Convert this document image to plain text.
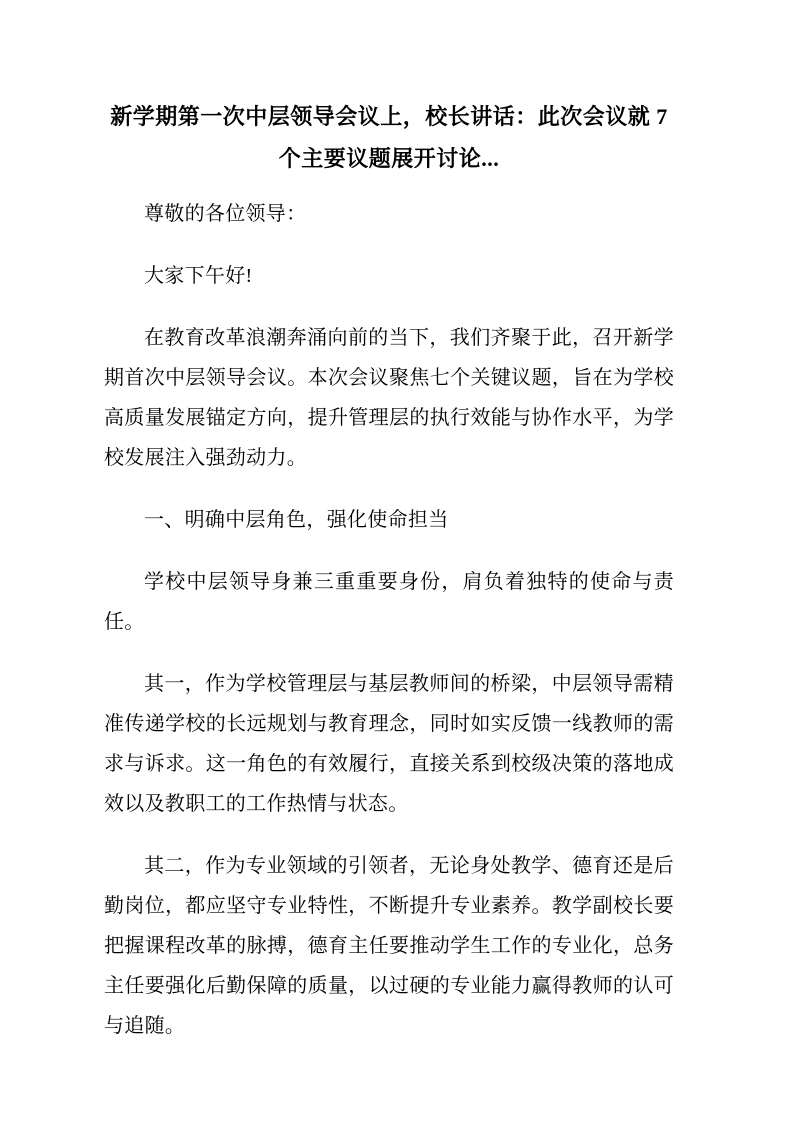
新学期第一次中层领导会议上，校长讲话：此次会议就 7 个主要议题展开讨论...

尊敬的各位领导：

大家下午好!

在教育改革浪潮奔涌向前的当下，我们齐聚于此，召开新学期首次中层领导会议。本次会议聚焦七个关键议题，旨在为学校高质量发展锚定方向，提升管理层的执行效能与协作水平，为学校发展注入强劲动力。

一、明确中层角色，强化使命担当

学校中层领导身兼三重重要身份，肩负着独特的使命与责任。

其一，作为学校管理层与基层教师间的桥梁，中层领导需精准传递学校的长远规划与教育理念，同时如实反馈一线教师的需求与诉求。这一角色的有效履行，直接关系到校级决策的落地成效以及教职工的工作热情与状态。

其二，作为专业领域的引领者，无论身处教学、德育还是后勤岗位，都应坚守专业特性，不断提升专业素养。教学副校长要把握课程改革的脉搏，德育主任要推动学生工作的专业化，总务主任要强化后勤保障的质量，以过硬的专业能力赢得教师的认可与追随。
